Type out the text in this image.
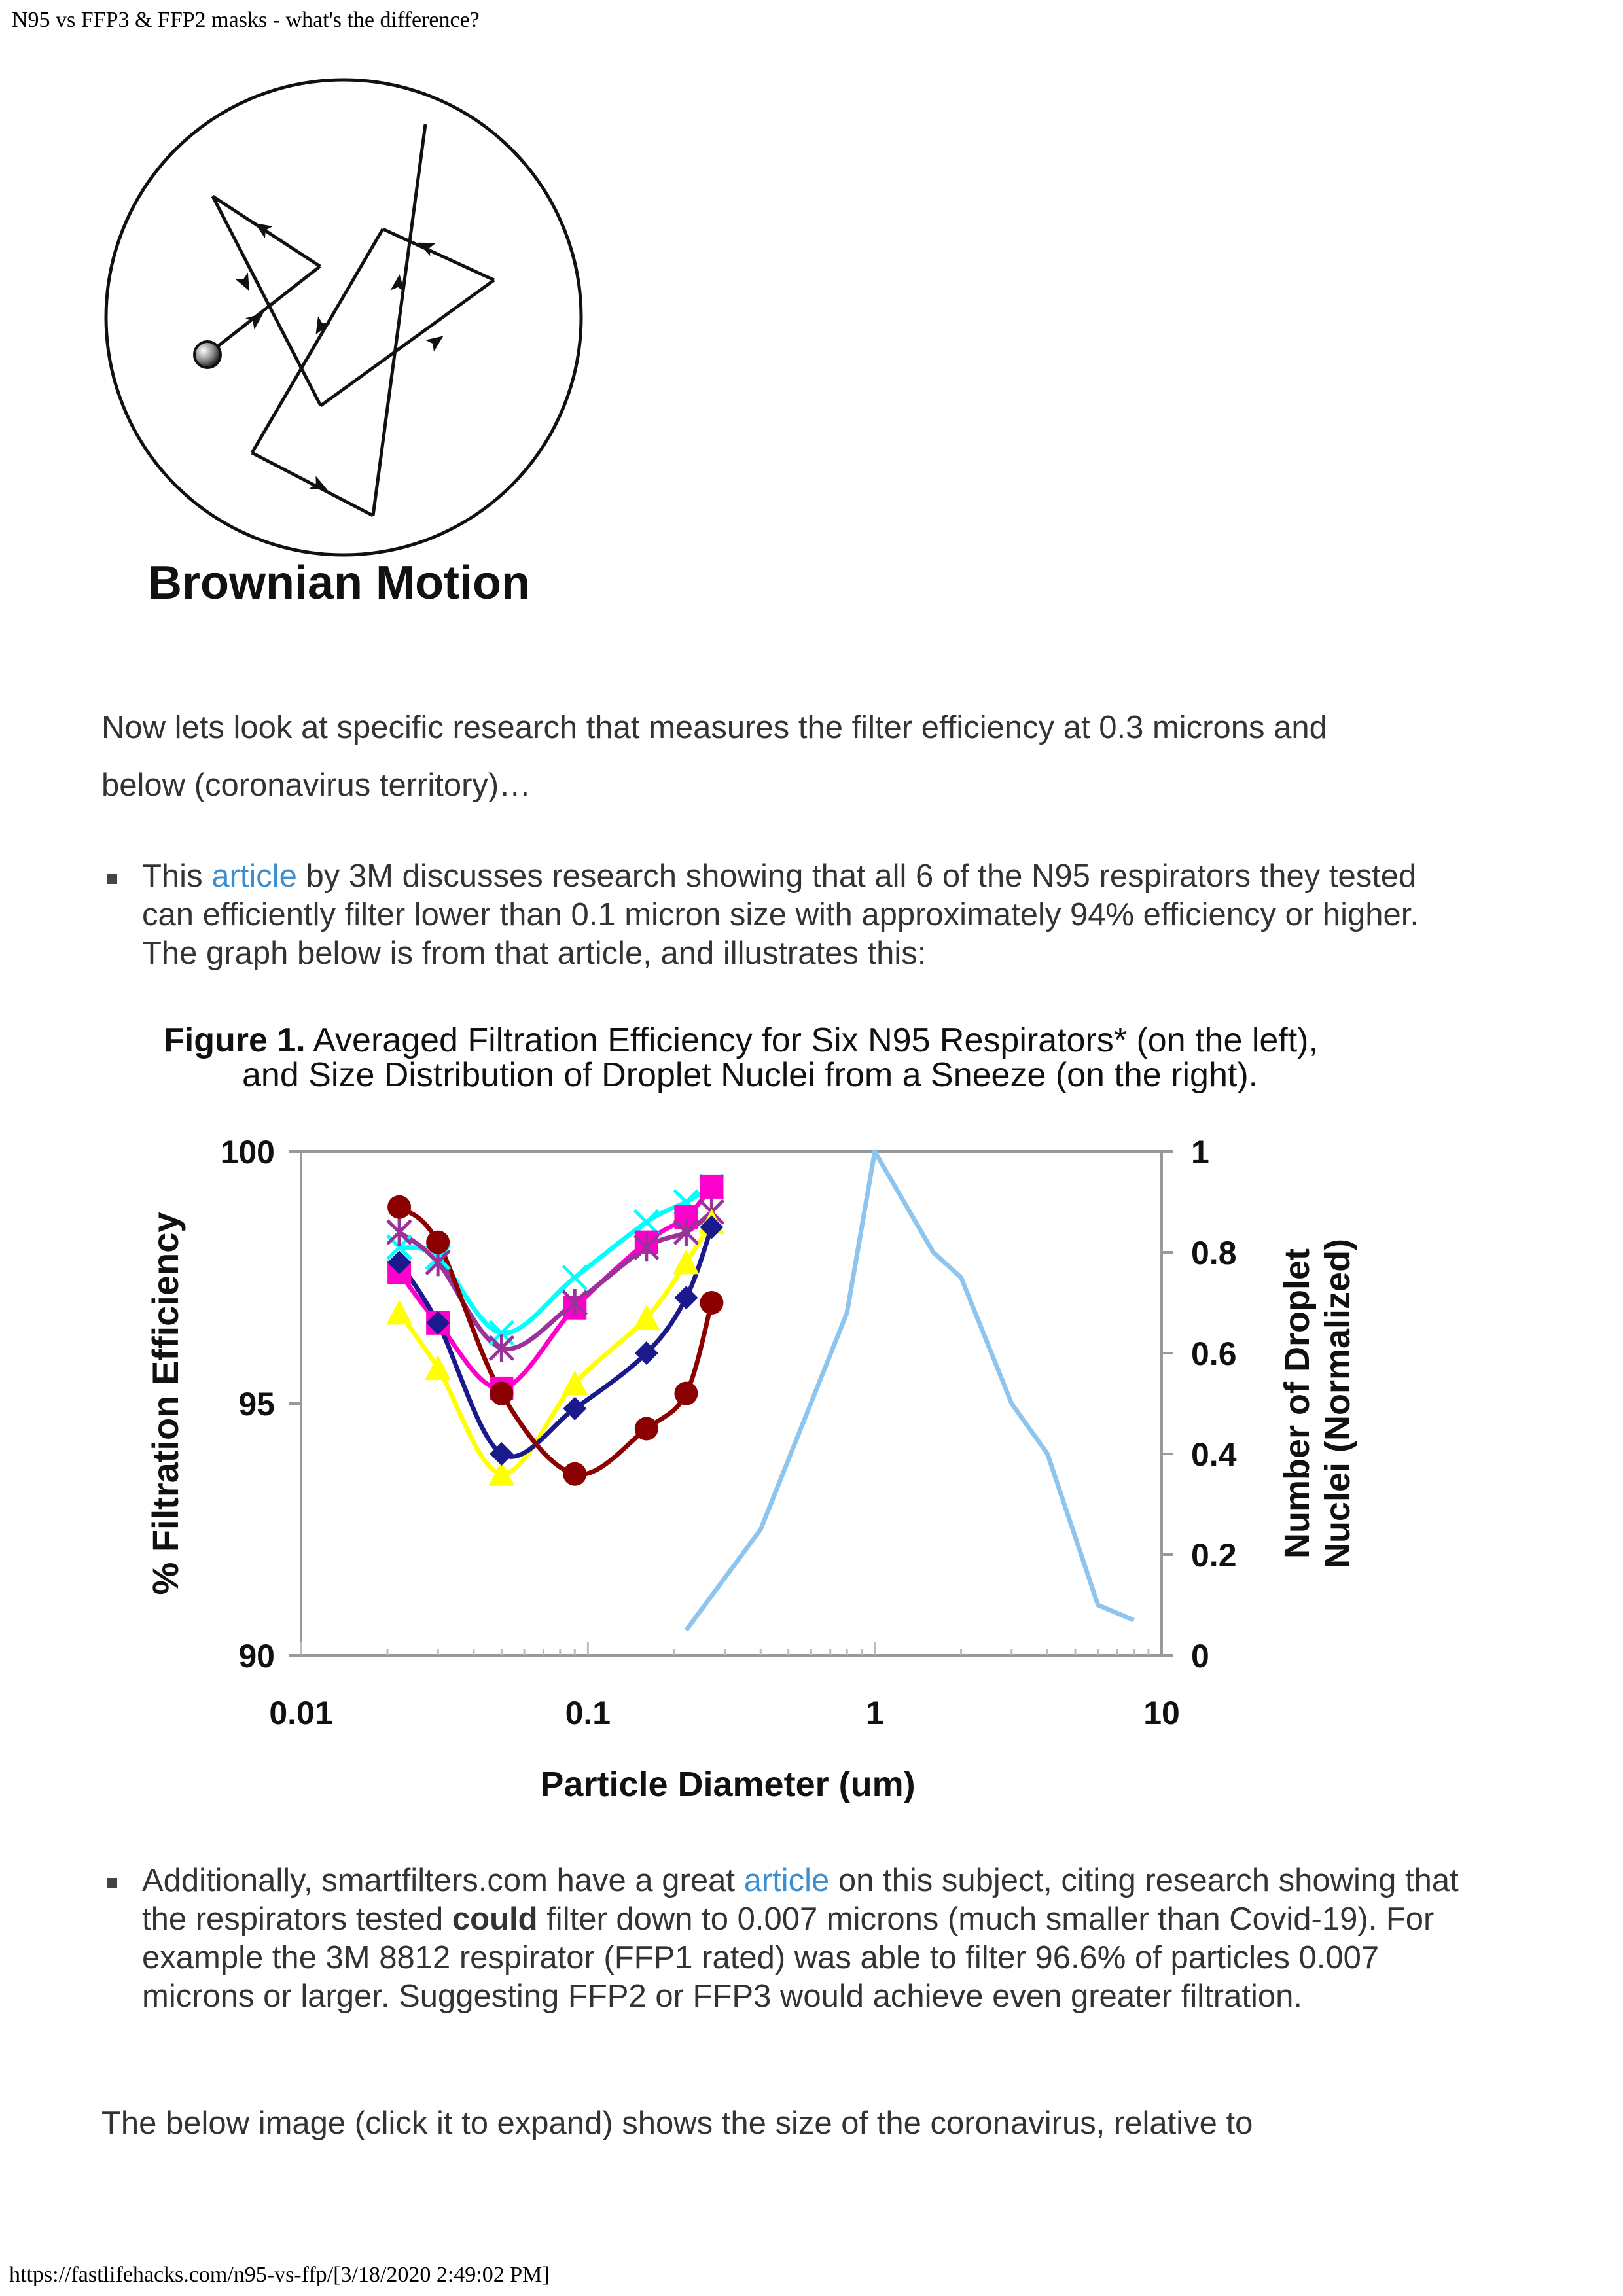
N95 vs FFP3 & FFP2 masks - what's the difference?
Brownian Motion
Now lets look at specific research that measures the filter efficiency at 0.3 microns and
below (coronavirus territory)…
This article by 3M discusses research showing that all 6 of the N95 respirators they tested can efficiently filter lower than 0.1 micron size with approximately 94% efficiency or higher. The graph below is from that article, and illustrates this:
Figure 1. Averaged Filtration Efficiency for Six N95 Respirators* (on the left),
and Size Distribution of Droplet Nuclei from a Sneeze (on the right).
90
95
100
0
0.2
0.4
0.6
0.8
1
0.01	0.1	1	10
% Filtration Efficiency	Number of Droplet Nuclei (Normalized)
Particle Diameter (um)
Additionally, smartfilters.com have a great article on this subject, citing research showing that the respirators tested could filter down to 0.007 microns (much smaller than Covid-19). For example the 3M 8812 respirator (FFP1 rated) was able to filter 96.6% of particles 0.007 microns or larger. Suggesting FFP2 or FFP3 would achieve even greater filtration.
The below image (click it to expand) shows the size of the coronavirus, relative to
https://fastlifehacks.com/n95-vs-ffp/[3/18/2020 2:49:02 PM]
